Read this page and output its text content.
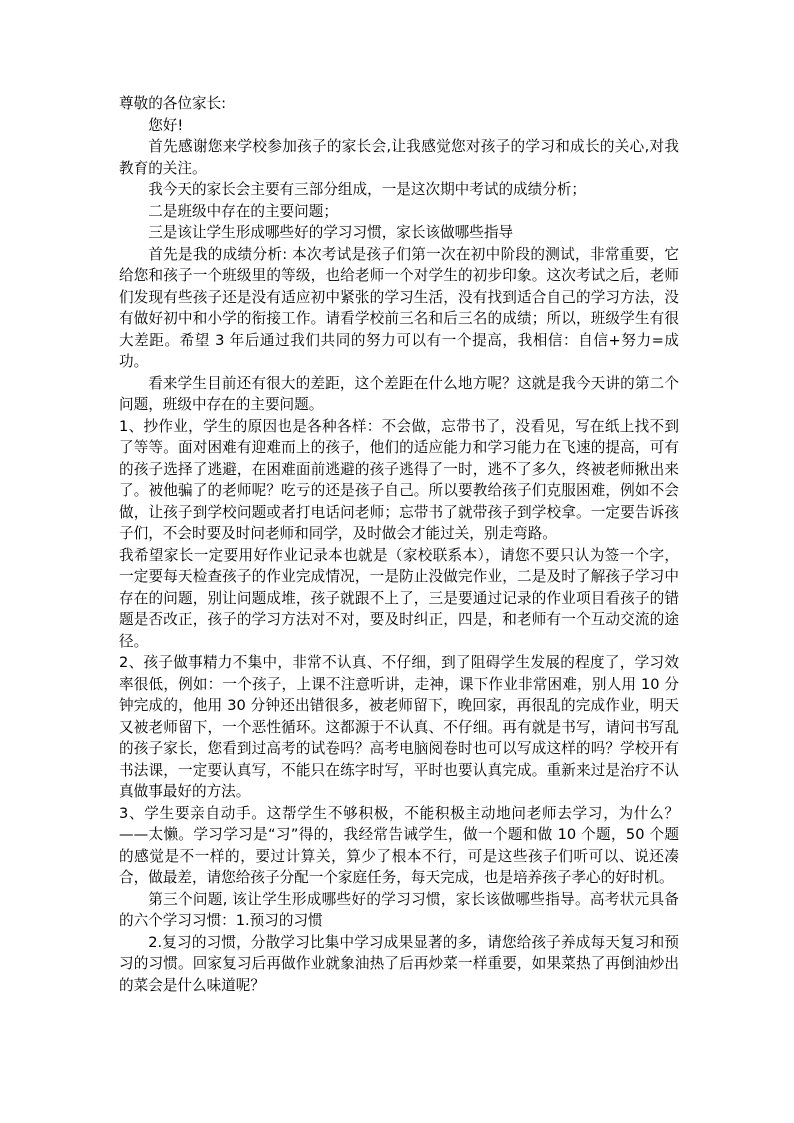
尊敬的各位家长:
您好!
首先感谢您来学校参加孩子的家长会,让我感觉您对孩子的学习和成长的关心,对我教育的关注。
我今天的家长会主要有三部分组成，一是这次期中考试的成绩分析；
二是班级中存在的主要问题；
三是该让学生形成哪些好的学习习惯，家长该做哪些指导
首先是我的成绩分析: 本次考试是孩子们第一次在初中阶段的测试，非常重要，它给您和孩子一个班级里的等级，也给老师一个对学生的初步印象。这次考试之后，老师们发现有些孩子还是没有适应初中紧张的学习生活，没有找到适合自己的学习方法，没有做好初中和小学的衔接工作。请看学校前三名和后三名的成绩；所以，班级学生有很大差距。希望 3 年后通过我们共同的努力可以有一个提高，我相信：自信+努力=成功。
看来学生目前还有很大的差距，这个差距在什么地方呢？这就是我今天讲的第二个问题，班级中存在的主要问题。
1、抄作业，学生的原因也是各种各样：不会做，忘带书了，没看见，写在纸上找不到了等等。面对困难有迎难而上的孩子，他们的适应能力和学习能力在飞速的提高，可有的孩子选择了逃避，在困难面前逃避的孩子逃得了一时，逃不了多久，终被老师揪出来了。被他骗了的老师呢？吃亏的还是孩子自己。所以要教给孩子们克服困难，例如不会做，让孩子到学校问题或者打电话问老师；忘带书了就带孩子到学校拿。一定要告诉孩子们，不会时要及时问老师和同学，及时做会才能过关，别走弯路。
我希望家长一定要用好作业记录本也就是（家校联系本），请您不要只认为签一个字，一定要每天检查孩子的作业完成情况，一是防止没做完作业，二是及时了解孩子学习中存在的问题，别让问题成堆，孩子就跟不上了，三是要通过记录的作业项目看孩子的错题是否改正，孩子的学习方法对不对，要及时纠正，四是，和老师有一个互动交流的途径。
2、孩子做事精力不集中，非常不认真、不仔细，到了阻碍学生发展的程度了，学习效率很低，例如：一个孩子，上课不注意听讲，走神，课下作业非常困难，别人用 10 分钟完成的，他用 30 分钟还出错很多，被老师留下，晚回家，再很乱的完成作业，明天又被老师留下，一个恶性循环。这都源于不认真、不仔细。再有就是书写，请问书写乱的孩子家长，您看到过高考的试卷吗？高考电脑阅卷时也可以写成这样的吗？学校开有书法课，一定要认真写，不能只在练字时写，平时也要认真完成。重新来过是治疗不认真做事最好的方法。
3、学生要亲自动手。这帮学生不够积极，不能积极主动地问老师去学习，为什么？——太懒。学习学习是“习”得的，我经常告诫学生，做一个题和做 10 个题，50 个题的感觉是不一样的，要过计算关，算少了根本不行，可是这些孩子们听可以、说还凑合，做最差，请您给孩子分配一个家庭任务，每天完成，也是培养孩子孝心的好时机。
第三个问题, 该让学生形成哪些好的学习习惯，家长该做哪些指导。高考状元具备的六个学习习惯：1.预习的习惯
2.复习的习惯，分散学习比集中学习成果显著的多，请您给孩子养成每天复习和预习的习惯。回家复习后再做作业就象油热了后再炒菜一样重要，如果菜热了再倒油炒出的菜会是什么味道呢？
